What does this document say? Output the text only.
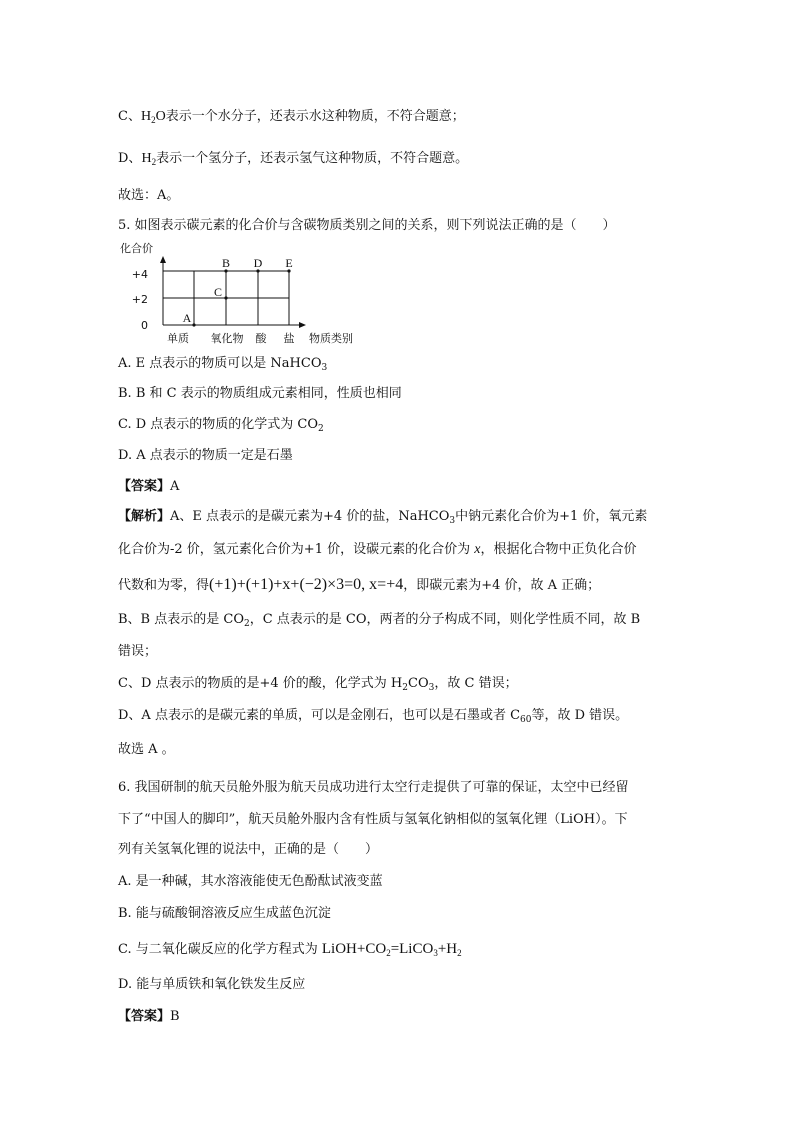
C、$H_2O$表示一个水分子，还表示水这种物质，不符合题意；
D、$H_2$表示一个氢分子，还表示氢气这种物质，不符合题意。
故选：A。
5. 如图表示碳元素的化合价与含碳物质类别之间的关系，则下列说法正确的是（　　）
化合价
+4
+2
0
A
B
C
D E
单质 氧化物 酸 盐 物质类别
A. E 点表示的物质可以是 NaHCO$_3$
B. B 和 C 表示的物质组成元素相同，性质也相同
C. D 点表示的物质的化学式为 $CO_2$
D. A 点表示的物质一定是石墨
【答案】A
【解析】A、E 点表示的是碳元素为+4 价的盐，NaHCO$_3$中钠元素化合价为+1 价，氧元素
化合价为-2 价，氢元素化合价为+1 价，设碳元素的化合价为 x，根据化合物中正负化合价
代数和为零，得(+1)+(+1)+x+(−2)×3=0, x=+4，即碳元素为+4 价，故 A 正确；
B、B 点表示的是 $CO_2$，C 点表示的是 CO，两者的分子构成不同，则化学性质不同，故 B
错误；
C、D 点表示的物质的是+4 价的酸，化学式为 $H_2CO_3$，故 C 错误；
D、A 点表示的是碳元素的单质，可以是金刚石，也可以是石墨或者 $C_{60}$等，故 D 错误。
故选 A 。
6. 我国研制的航天员舱外服为航天员成功进行太空行走提供了可靠的保证，太空中已经留
下了“中国人的脚印”，航天员舱外服内含有性质与氢氧化钠相似的氢氧化锂（LiOH）。下
列有关氢氧化锂的说法中，正确的是（　　）
A. 是一种碱，其水溶液能使无色酚酞试液变蓝
B. 能与硫酸铜溶液反应生成蓝色沉淀
C. 与二氧化碳反应的化学方程式为 $LiOH+CO_2=LiCO_3+H_2$
D. 能与单质铁和氧化铁发生反应
【答案】B
